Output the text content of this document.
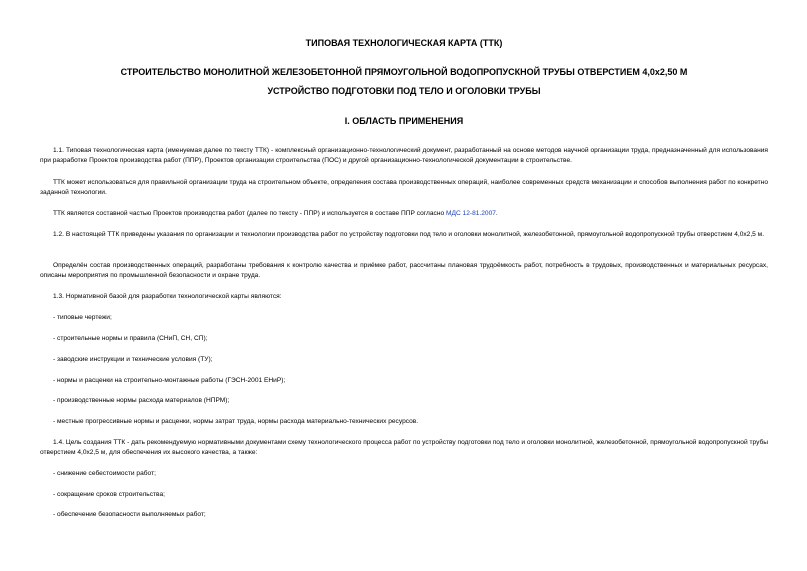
ТИПОВАЯ ТЕХНОЛОГИЧЕСКАЯ КАРТА (ТТК)
СТРОИТЕЛЬСТВО МОНОЛИТНОЙ ЖЕЛЕЗОБЕТОННОЙ ПРЯМОУГОЛЬНОЙ ВОДОПРОПУСКНОЙ ТРУБЫ ОТВЕРСТИЕМ 4,0х2,50 М
УСТРОЙСТВО ПОДГОТОВКИ ПОД ТЕЛО И ОГОЛОВКИ ТРУБЫ
I. ОБЛАСТЬ ПРИМЕНЕНИЯ
1.1. Типовая технологическая карта (именуемая далее по тексту ТТК) - комплексный организационно-технологический документ, разработанный на основе методов научной организации труда, предназначенный для использования при разработке Проектов производства работ (ППР), Проектов организации строительства (ПОС) и другой организационно-технологической документации в строительстве.
ТТК может использоваться для правильной организации труда на строительном объекте, определения состава производственных операций, наиболее современных средств механизации и способов выполнения работ по конкретно заданной технологии.
ТТК является составной частью Проектов производства работ (далее по тексту - ППР) и используется в составе ППР согласно МДС 12-81.2007.
1.2. В настоящей ТТК приведены указания по организации и технологии производства работ по устройству подготовки под тело и оголовки монолитной, железобетонной, прямоугольной водопропускной трубы отверстием 4,0х2,5 м.
Определён состав производственных операций, разработаны требования к контролю качества и приёмке работ, рассчитаны плановая трудоёмкость работ, потребность в трудовых, производственных и материальных ресурсах, описаны мероприятия по промышленной безопасности и охране труда.
1.3. Нормативной базой для разработки технологической карты являются:
- типовые чертежи;
- строительные нормы и правила (СНиП, СН, СП);
- заводские инструкции и технические условия (ТУ);
- нормы и расценки на строительно-монтажные работы (ГЭСН-2001 ЕНиР);
- производственные нормы расхода материалов (НПРМ);
- местные прогрессивные нормы и расценки, нормы затрат труда, нормы расхода материально-технических ресурсов.
1.4. Цель создания ТТК - дать рекомендуемую нормативными документами схему технологического процесса работ по устройству подготовки под тело и оголовки монолитной, железобетонной, прямоугольной водопропускной трубы отверстием 4,0х2,5 м, для обеспечения их высокого качества, а также:
- снижение себестоимости работ;
- сокращение сроков строительства;
- обеспечение безопасности выполняемых работ;
